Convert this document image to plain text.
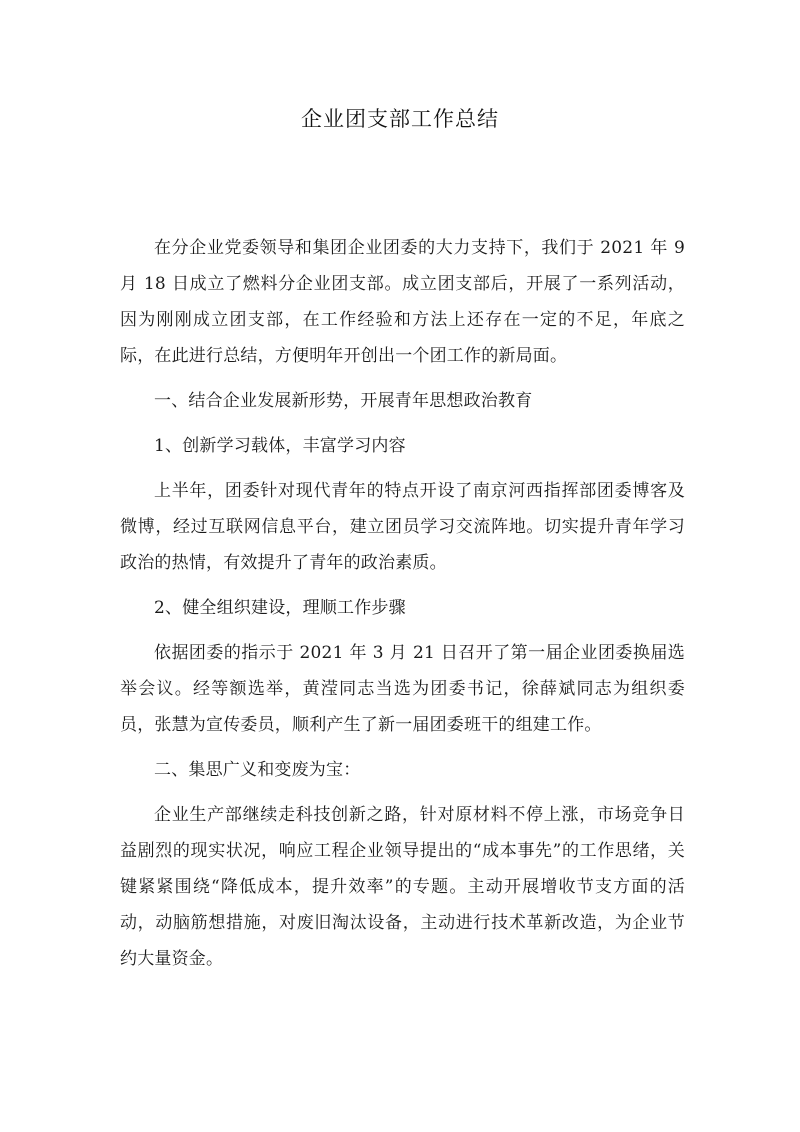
企业团支部工作总结

在分企业党委领导和集团企业团委的大力支持下，我们于 2021 年 9 月 18 日成立了燃料分企业团支部。成立团支部后，开展了一系列活动，因为刚刚成立团支部，在工作经验和方法上还存在一定的不足，年底之际，在此进行总结，方便明年开创出一个团工作的新局面。

一、结合企业发展新形势，开展青年思想政治教育

1、创新学习载体，丰富学习内容

上半年，团委针对现代青年的特点开设了南京河西指挥部团委博客及微博，经过互联网信息平台，建立团员学习交流阵地。切实提升青年学习政治的热情，有效提升了青年的政治素质。

2、健全组织建设，理顺工作步骤

依据团委的指示于 2021 年 3 月 21 日召开了第一届企业团委换届选举会议。经等额选举，黄滢同志当选为团委书记，徐薛斌同志为组织委员，张慧为宣传委员，顺利产生了新一届团委班干的组建工作。

二、集思广义和变废为宝：

企业生产部继续走科技创新之路，针对原材料不停上涨，市场竞争日益剧烈的现实状况，响应工程企业领导提出的“成本事先”的工作思绪，关键紧紧围绕“降低成本，提升效率”的专题。主动开展增收节支方面的活动，动脑筋想措施，对废旧淘汰设备，主动进行技术革新改造，为企业节约大量资金。
